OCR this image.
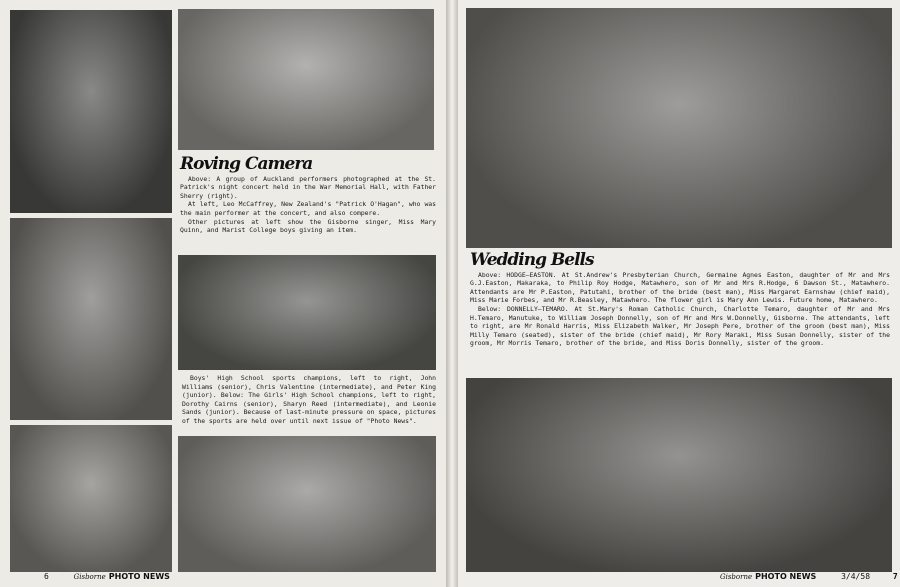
Roving Camera

Above: A group of Auckland performers photographed at the St. Patrick's night concert held in the War Memorial Hall, with Father Sherry (right).

At left, Leo McCaffrey, New Zealand's "Patrick O'Hagan", who was the main performer at the concert, and also compere.

Other pictures at left show the Gisborne singer, Miss Mary Quinn, and Marist College boys giving an item.

Boys' High School sports champions, left to right, John Williams (senior), Chris Valentine (intermediate), and Peter King (junior). Below: The Girls' High School champions, left to right, Dorothy Cairns (senior), Sharyn Reed (intermediate), and Leonie Sands (junior). Because of last-minute pressure on space, pictures of the sports are held over until next issue of "Photo News".

6	Gisborne PHOTO NEWS
Wedding Bells

Above: HODGE—EASTON. At St.Andrew's Presbyterian Church, Germaine Agnes Easton, daughter of Mr and Mrs G.J.Easton, Makaraka, to Philip Roy Hodge, Matawhero, son of Mr and Mrs R.Hodge, 6 Dawson St., Matawhero. Attendants are Mr P.Easton, Patutahi, brother of the bride (best man), Miss Margaret Earnshaw (chief maid), Miss Marie Forbes, and Mr R.Beasley, Matawhero. The flower girl is Mary Ann Lewis. Future home, Matawhero.

Below: DONNELLY—TEMARO. At St.Mary's Roman Catholic Church, Charlotte Temaro, daughter of Mr and Mrs H.Temaro, Manutuke, to William Joseph Donnelly, son of Mr and Mrs W.Donnelly, Gisborne. The attendants, left to right, are Mr Ronald Harris, Miss Elizabeth Walker, Mr Joseph Pere, brother of the groom (best man), Miss Milly Temaro (seated), sister of the bride (chief maid), Mr Rory Maraki, Miss Susan Donnelly, sister of the groom, Mr Morris Temaro, brother of the bride, and Miss Doris Donnelly, sister of the groom.

Gisborne PHOTO NEWS	3/4/58	7
